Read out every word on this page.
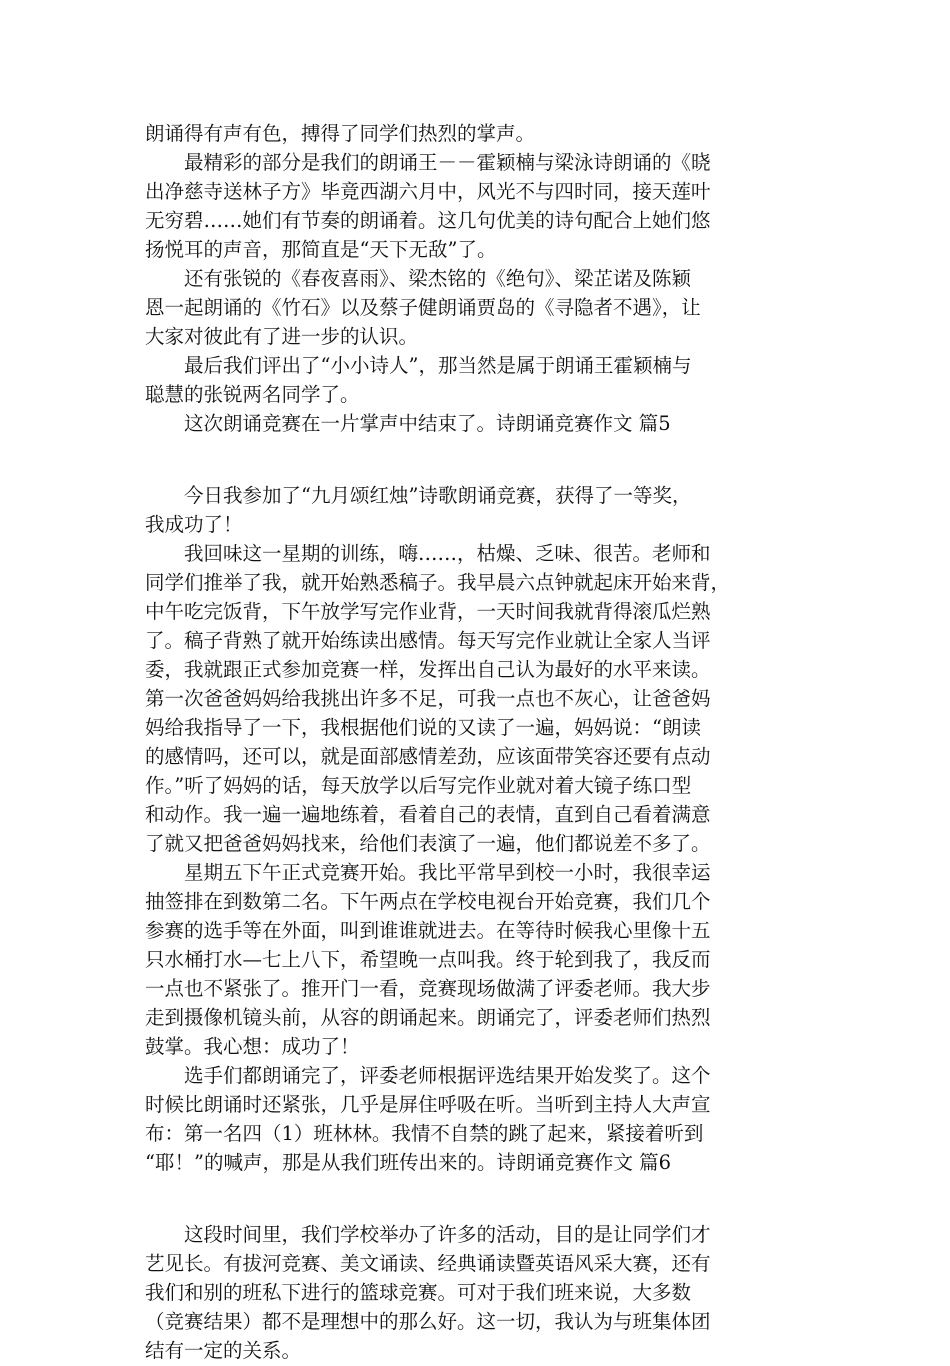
朗诵得有声有色，搏得了同学们热烈的掌声。

　　最精彩的部分是我们的朗诵王－－霍颖楠与梁泳诗朗诵的《晓

出净慈寺送林子方》毕竟西湖六月中，风光不与四时同，接天莲叶

无穷碧……她们有节奏的朗诵着。这几句优美的诗句配合上她们悠

扬悦耳的声音，那简直是“天下无敌”了。

　　还有张锐的《春夜喜雨》、梁杰铭的《绝句》、梁芷诺及陈颖

恩一起朗诵的《竹石》以及蔡子健朗诵贾岛的《寻隐者不遇》，让

大家对彼此有了进一步的认识。

　　最后我们评出了“小小诗人”，那当然是属于朗诵王霍颖楠与

聪慧的张锐两名同学了。

　　这次朗诵竞赛在一片掌声中结束了。诗朗诵竞赛作文 篇5

　　今日我参加了“九月颂红烛”诗歌朗诵竞赛，获得了一等奖，

我成功了！

　　我回味这一星期的训练，嗨……，枯燥、乏味、很苦。老师和

同学们推举了我，就开始熟悉稿子。我早晨六点钟就起床开始来背，

中午吃完饭背，下午放学写完作业背，一天时间我就背得滚瓜烂熟

了。稿子背熟了就开始练读出感情。每天写完作业就让全家人当评

委，我就跟正式参加竞赛一样，发挥出自己认为最好的水平来读。

第一次爸爸妈妈给我挑出许多不足，可我一点也不灰心，让爸爸妈

妈给我指导了一下，我根据他们说的又读了一遍，妈妈说：“朗读

的感情吗，还可以，就是面部感情差劲，应该面带笑容还要有点动

作。”听了妈妈的话，每天放学以后写完作业就对着大镜子练口型

和动作。我一遍一遍地练着，看着自己的表情，直到自己看着满意

了就又把爸爸妈妈找来，给他们表演了一遍，他们都说差不多了。

　　星期五下午正式竞赛开始。我比平常早到校一小时，我很幸运

抽签排在到数第二名。下午两点在学校电视台开始竞赛，我们几个

参赛的选手等在外面，叫到谁谁就进去。在等待时候我心里像十五

只水桶打水—七上八下，希望晚一点叫我。终于轮到我了，我反而

一点也不紧张了。推开门一看，竞赛现场做满了评委老师。我大步

走到摄像机镜头前，从容的朗诵起来。朗诵完了，评委老师们热烈

鼓掌。我心想：成功了！

　　选手们都朗诵完了，评委老师根据评选结果开始发奖了。这个

时候比朗诵时还紧张，几乎是屏住呼吸在听。当听到主持人大声宣

布：第一名四（1）班林林。我情不自禁的跳了起来，紧接着听到

“耶！”的喊声，那是从我们班传出来的。诗朗诵竞赛作文 篇6

　　这段时间里，我们学校举办了许多的活动，目的是让同学们才

艺见长。有拔河竞赛、美文诵读、经典诵读暨英语风采大赛，还有

我们和别的班私下进行的篮球竞赛。可对于我们班来说，大多数

（竞赛结果）都不是理想中的那么好。这一切，我认为与班集体团

结有一定的关系。
